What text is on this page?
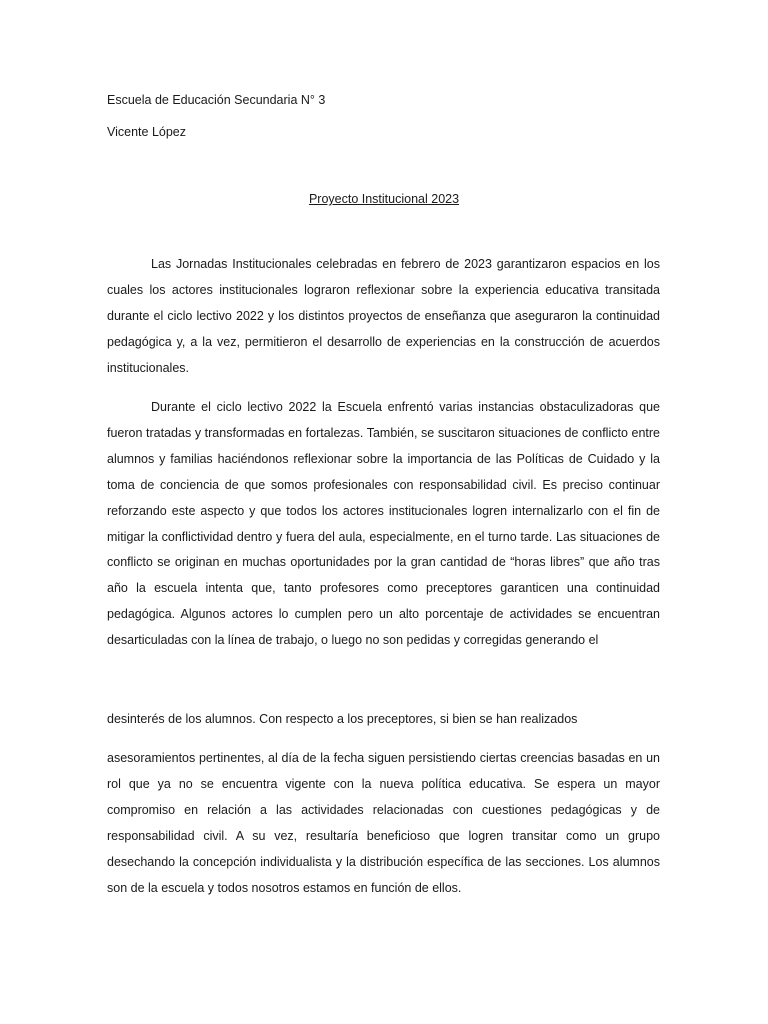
Escuela de Educación Secundaria N° 3
Vicente López
Proyecto Institucional 2023
Las Jornadas Institucionales celebradas en febrero de 2023 garantizaron espacios en los cuales los actores institucionales lograron reflexionar sobre la experiencia educativa transitada durante el ciclo lectivo 2022 y los distintos proyectos de enseñanza que aseguraron la continuidad pedagógica y, a la vez, permitieron el desarrollo de experiencias en la construcción de acuerdos institucionales.
Durante el ciclo lectivo 2022 la Escuela enfrentó varias instancias obstaculizadoras que fueron tratadas y transformadas en fortalezas. También, se suscitaron situaciones de conflicto entre alumnos y familias haciéndonos reflexionar sobre la importancia de las Políticas de Cuidado y la toma de conciencia de que somos profesionales con responsabilidad civil. Es preciso continuar reforzando este aspecto y que todos los actores institucionales logren internalizarlo con el fin de mitigar la conflictividad dentro y fuera del aula, especialmente, en el turno tarde. Las situaciones de conflicto se originan en muchas oportunidades por la gran cantidad de “horas libres” que año tras año la escuela intenta que, tanto profesores como preceptores garanticen una continuidad pedagógica. Algunos actores lo cumplen pero un alto porcentaje de actividades se encuentran desarticuladas con la línea de trabajo, o luego no son pedidas y corregidas generando el
desinterés de los alumnos. Con respecto a los preceptores, si bien se han realizados
asesoramientos pertinentes, al día de la fecha siguen persistiendo ciertas creencias basadas en un rol que ya no se encuentra vigente con la nueva política educativa. Se espera un mayor compromiso en relación a las actividades relacionadas con cuestiones pedagógicas y de responsabilidad civil. A su vez, resultaría beneficioso que logren transitar como un grupo desechando la concepción individualista y la distribución específica de las secciones. Los alumnos son de la escuela y todos nosotros estamos en función de ellos.
